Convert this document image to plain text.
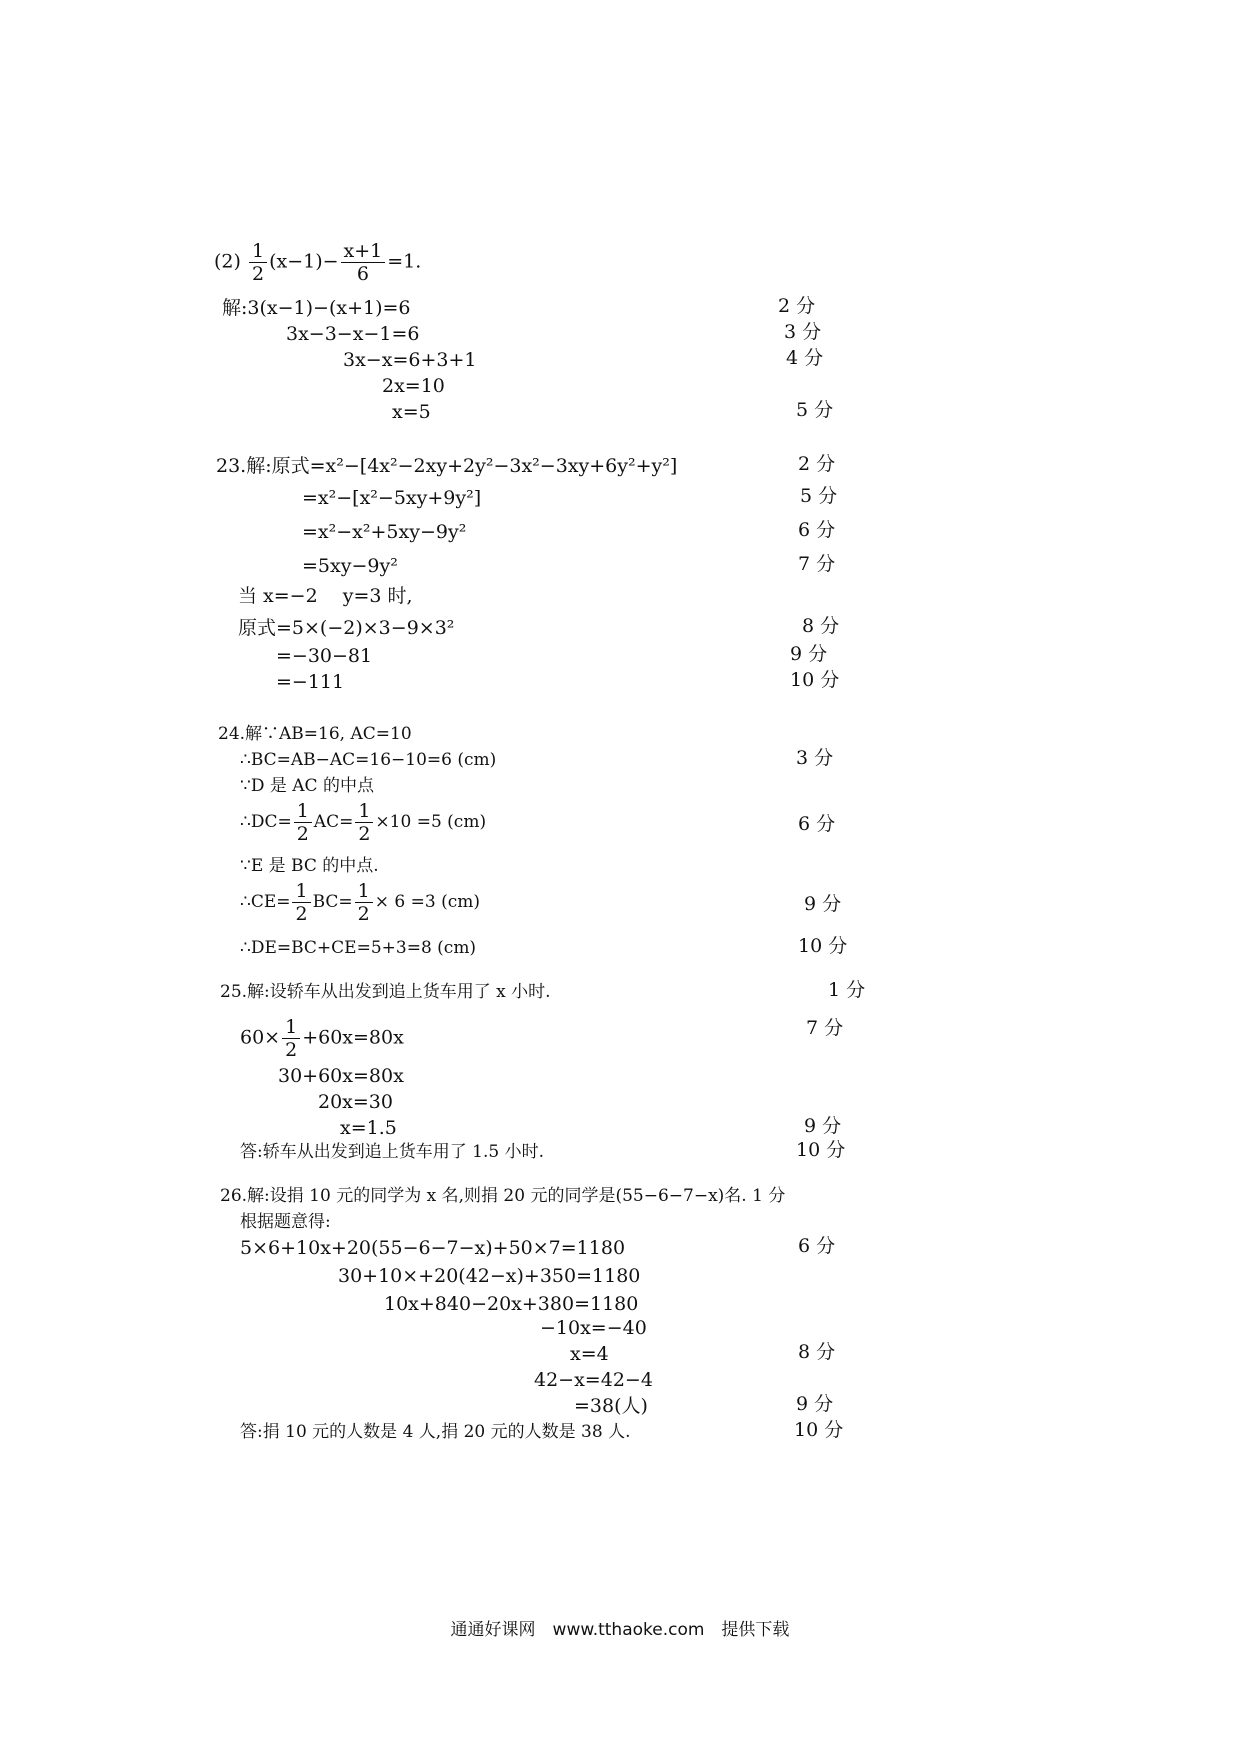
$(2) \frac{1}{2} (x-1)- \frac{x+1}{6} =1$.
解:3(x−1)−(x+1)=6
3x−3−x−1=6
3x−x=6+3+1
2x=10
x=5
2 分
3 分
4 分
5 分
23.解:原式=x²−[4x²−2xy+2y²−3x²−3xy+6y²+y²]
=x²−[x²−5xy+9y²]
=x²−x²+5xy−9y²
=5xy−9y²
当 x=−2　 y=3 时,
原式=5×(−2)×3−9×3²
=−30−81
=−111
2 分
5 分
6 分
7 分
8 分
9 分
10 分
24.解∵AB=16, AC=10
∴BC=AB−AC=16−10=6 (cm)
∵D 是 AC 的中点
∴DC= $\frac{1}{2} AC= \frac{1}{2} \times 10 =5$ (cm)
∵E 是 BC 的中点.
∴CE= $\frac{1}{2} BC= \frac{1}{2} \times 6 =3$ (cm)
∴DE=BC+CE=5+3=8 (cm)
3 分
6 分
9 分
10 分
25.解:设轿车从出发到追上货车用了 x 小时.
$60\times \frac{1}{2} +60x=80x$
30+60x=80x
20x=30
x=1.5
答:轿车从出发到追上货车用了 1.5 小时.
1 分
7 分
9 分
10 分
26.解:设捐 10 元的同学为 x 名,则捐 20 元的同学是(55−6−7−x)名. 1 分
根据题意得:
5×6+10x+20(55−6−7−x)+50×7=1180
30+10×+20(42−x)+350=1180
10x+840−20x+380=1180
−10x=−40
x=4
42−x=42−4
=38(人)
答:捐 10 元的人数是 4 人,捐 20 元的人数是 38 人.
6 分
8 分
9 分
10 分
通通好课网　www.tthaoke.com　提供下载
